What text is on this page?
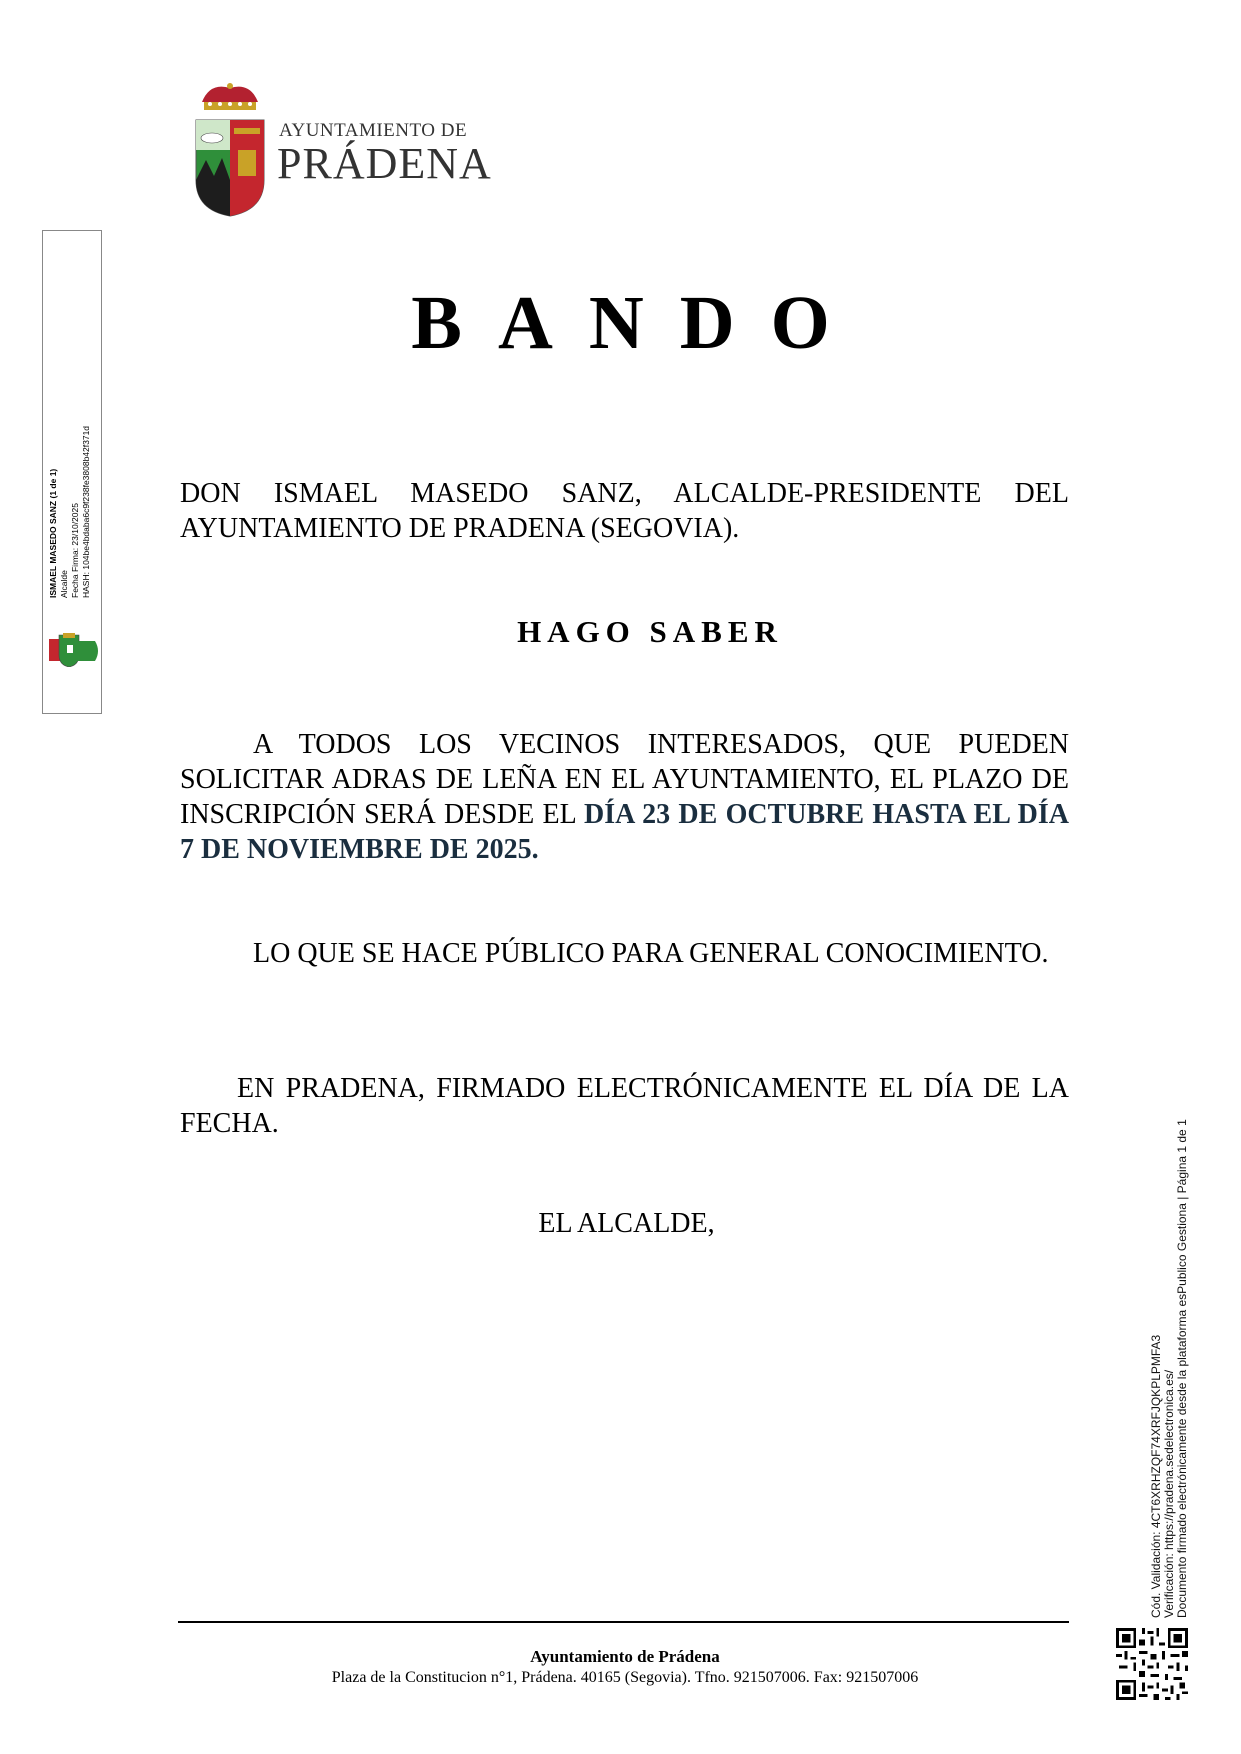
AYUNTAMIENTO DE
PRÁDENA
ISMAEL MASEDO SANZ (1 de 1) Alcalde Fecha Firma: 23/10/2025 HASH: 104be4bdaba6c9f238fe3808b42f371d
BANDO
DON ISMAEL MASEDO SANZ, ALCALDE-PRESIDENTE DEL AYUNTAMIENTO DE PRADENA (SEGOVIA).
HAGO SABER
A TODOS LOS VECINOS INTERESADOS, QUE PUEDEN SOLICITAR ADRAS DE LEÑA EN EL AYUNTAMIENTO, EL PLAZO DE INSCRIPCIÓN SERÁ DESDE EL DÍA 23 DE OCTUBRE HASTA EL DÍA 7 DE NOVIEMBRE DE 2025.
LO QUE SE HACE PÚBLICO PARA GENERAL CONOCIMIENTO.
EN PRADENA, FIRMADO ELECTRÓNICAMENTE EL DÍA DE LA FECHA.
EL ALCALDE,
Ayuntamiento de Prádena
Plaza de la Constitucion n°1, Prádena. 40165 (Segovia). Tfno. 921507006. Fax: 921507006
Cód. Validación: 4CT6XRHZQF74XRFJQKPLPMFA3 Verificación: https://pradena.sedelectronica.es/ Documento firmado electrónicamente desde la plataforma esPublico Gestiona | Página 1 de 1
